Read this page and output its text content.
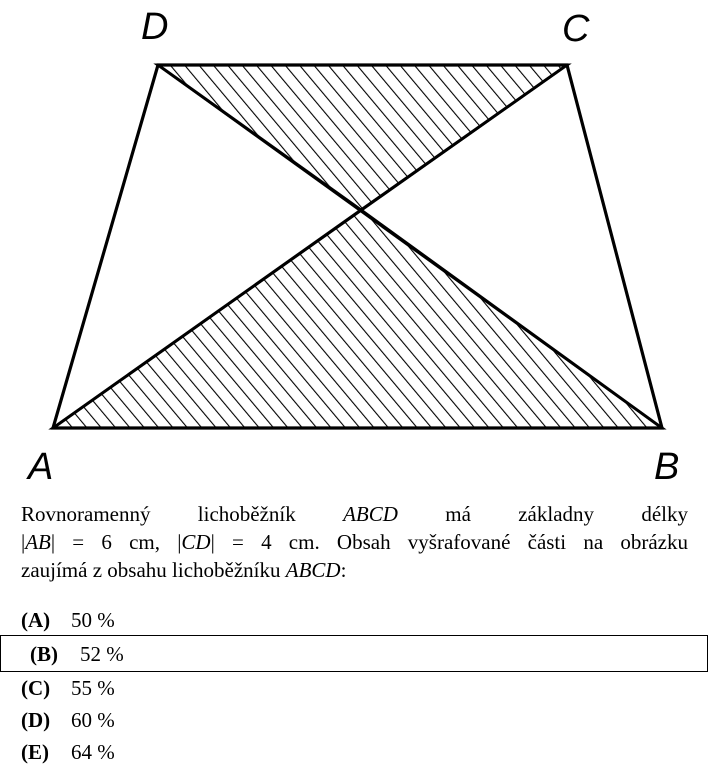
D	C
A	B
Rovnoramenný lichoběžník ABCD má základny délky
|AB| = 6 cm, |CD| = 4 cm. Obsah vyšrafované části na obrázku
zaujímá z obsahu lichoběžníku ABCD:
(A) 50 %
(B)	52 %
(C) 55 %
(D) 60 %
(E)	64 %
